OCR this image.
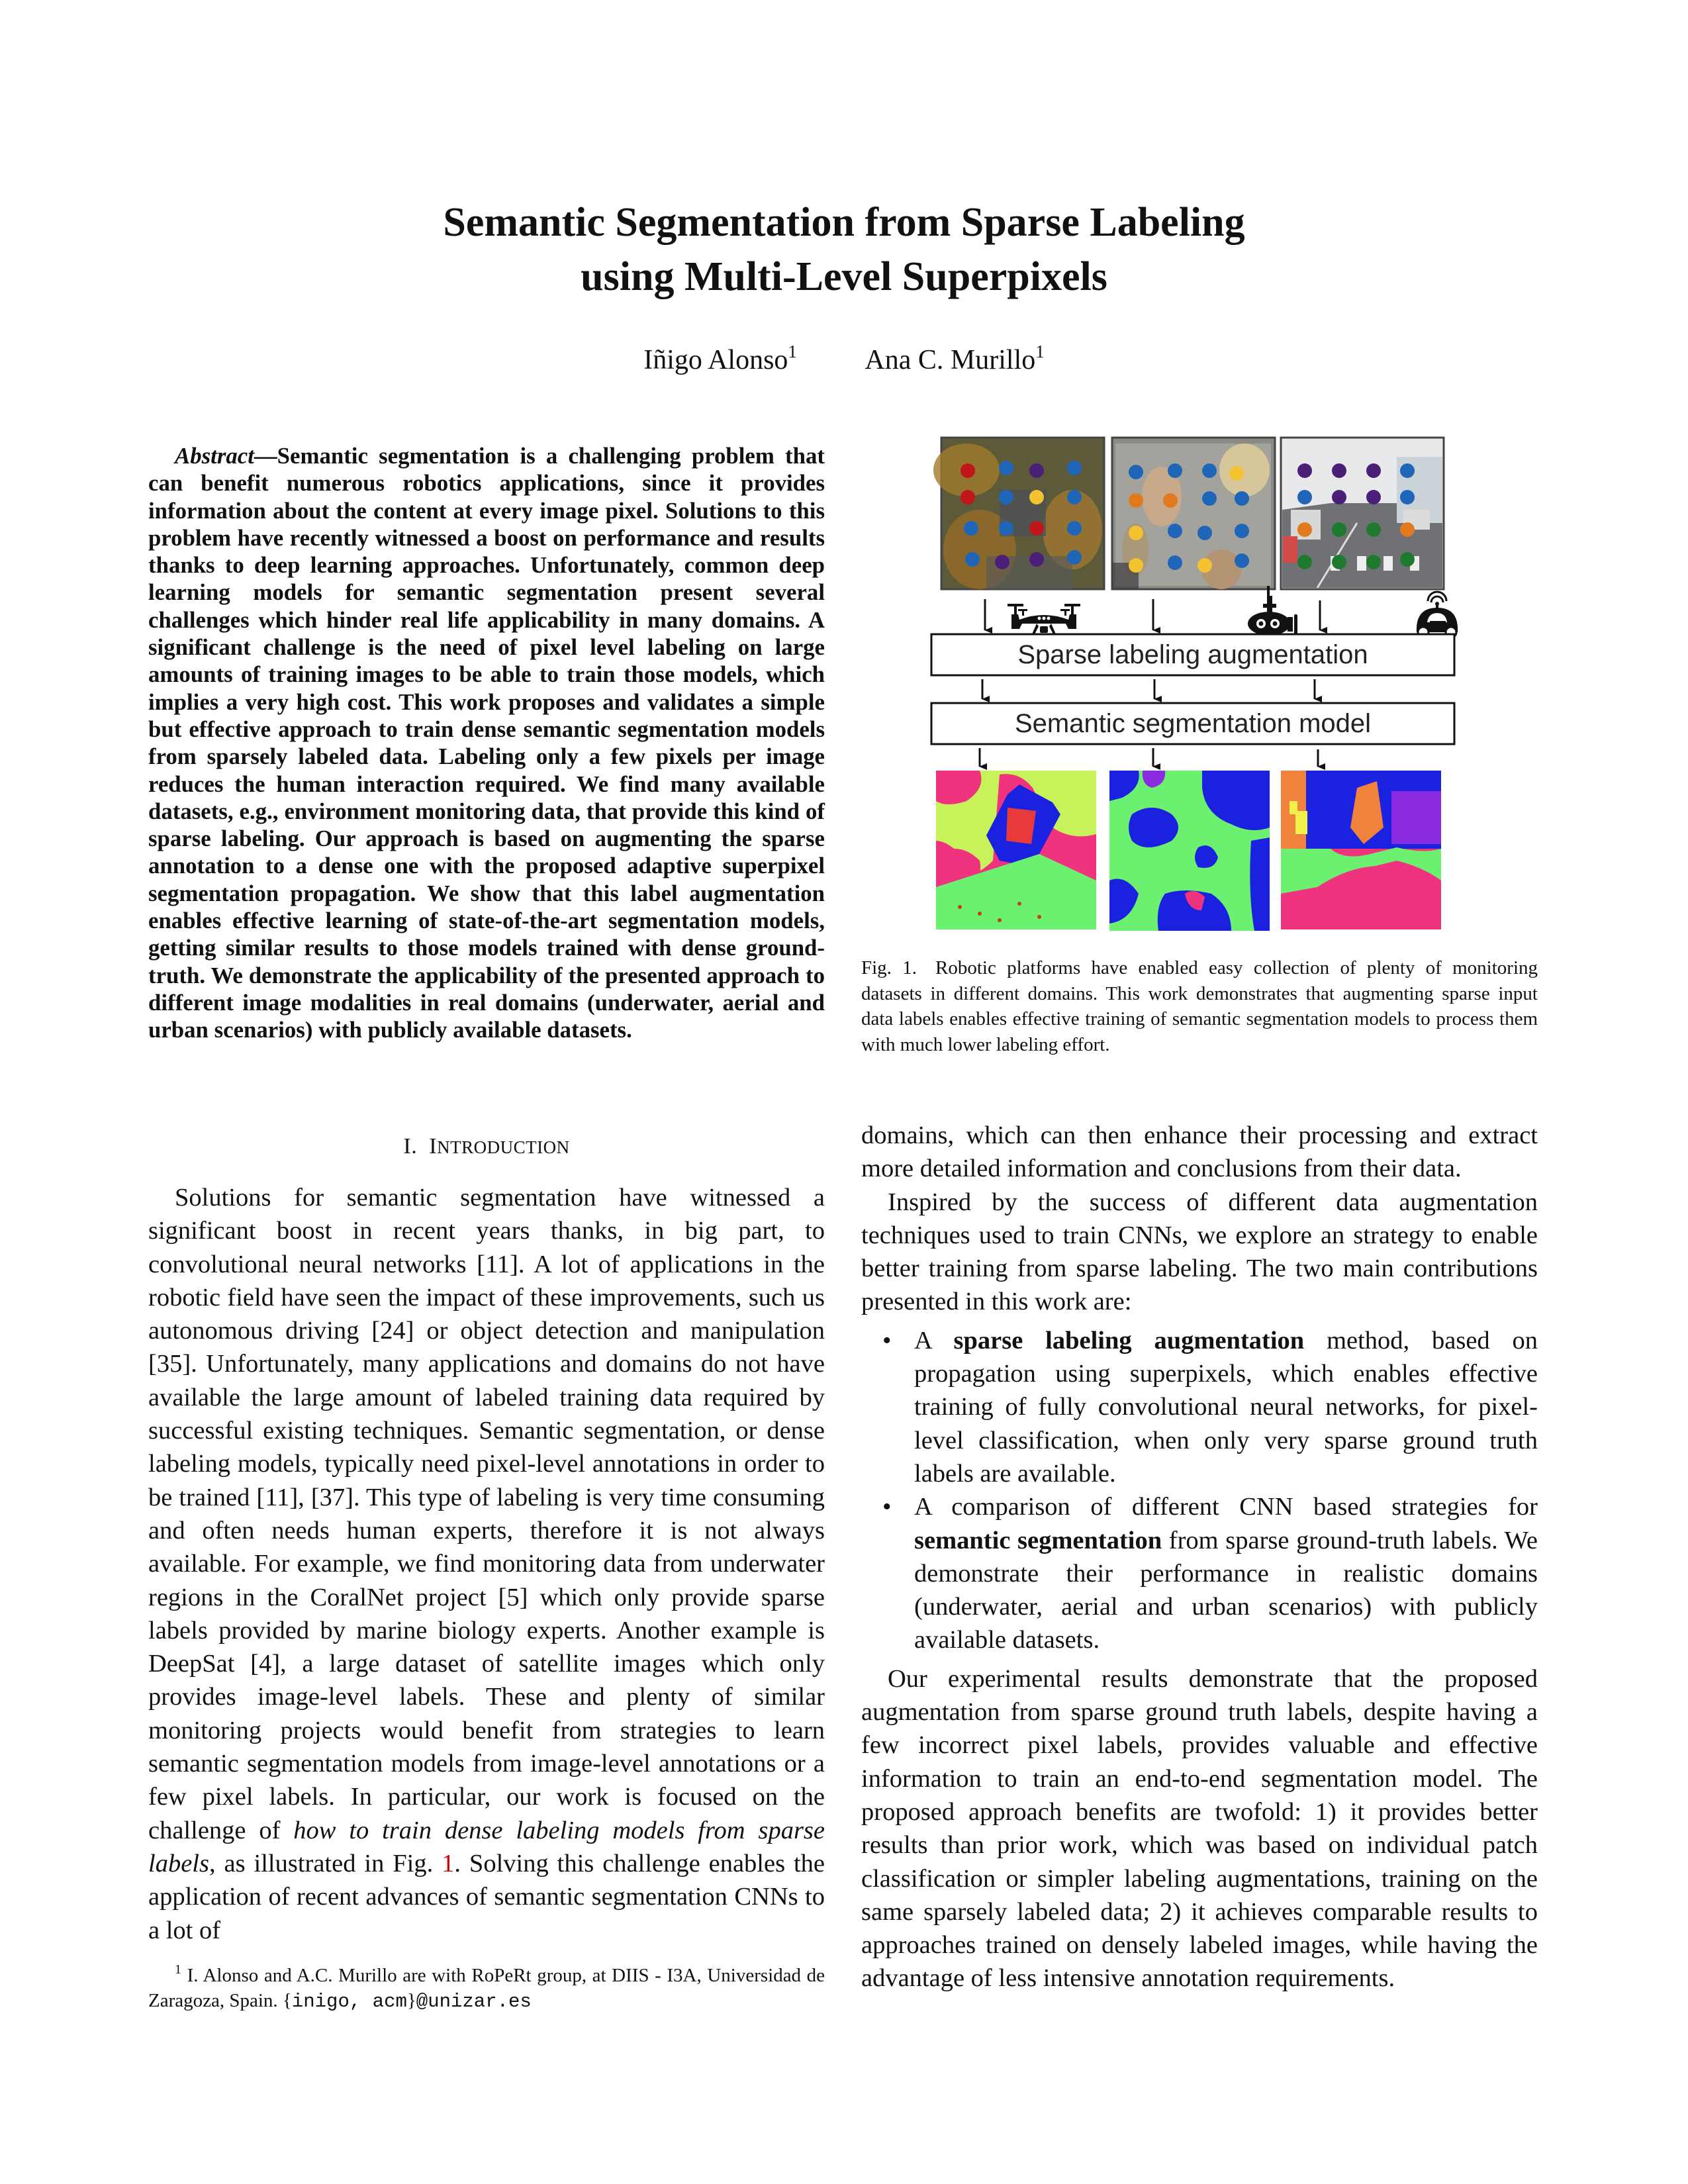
Semantic Segmentation from Sparse Labeling
using Multi-Level Superpixels
Iñigo Alonso$^1$ Ana C. Murillo$^1$

Abstract—Semantic segmentation is a challenging problem that can benefit numerous robotics applications, since it provides information about the content at every image pixel. Solutions to this problem have recently witnessed a boost on performance and results thanks to deep learning approaches. Unfortunately, common deep learning models for semantic segmentation present several challenges which hinder real life applicability in many domains. A significant challenge is the need of pixel level labeling on large amounts of training images to be able to train those models, which implies a very high cost. This work proposes and validates a simple but effective approach to train dense semantic segmentation models from sparsely labeled data. Labeling only a few pixels per image reduces the human interaction required. We find many available datasets, e.g., environment monitoring data, that provide this kind of sparse labeling. Our approach is based on augmenting the sparse annotation to a dense one with the proposed adaptive superpixel segmentation propagation. We show that this label augmentation enables effective learning of state-of-the-art segmentation models, getting similar results to those models trained with dense ground-truth. We demonstrate the applicability of the presented approach to different image modalities in real domains (underwater, aerial and urban scenarios) with publicly available datasets.

I. INTRODUCTION

Solutions for semantic segmentation have witnessed a significant boost in recent years thanks, in big part, to convolutional neural networks [11]. A lot of applications in the robotic field have seen the impact of these improvements, such us autonomous driving [24] or object detection and manipulation [35]. Unfortunately, many applications and domains do not have available the large amount of labeled training data required by successful existing techniques. Semantic segmentation, or dense labeling models, typically need pixel-level annotations in order to be trained [11], [37]. This type of labeling is very time consuming and often needs human experts, therefore it is not always available. For example, we find monitoring data from underwater regions in the CoralNet project [5] which only provide sparse labels provided by marine biology experts. Another example is DeepSat [4], a large dataset of satellite images which only provides image-level labels. These and plenty of similar monitoring projects would benefit from strategies to learn semantic segmentation models from image-level annotations or a few pixel labels. In particular, our work is focused on the challenge of how to train dense labeling models from sparse labels, as illustrated in Fig. 1. Solving this challenge enables the application of recent advances of semantic segmentation CNNs to a lot of

$^1$ I. Alonso and A.C. Murillo are with RoPeRt group, at DIIS - I3A, Universidad de Zaragoza, Spain. {inigo, acm}@unizar.es

Sparse labeling augmentation
Semantic segmentation model

Fig. 1. Robotic platforms have enabled easy collection of plenty of monitoring datasets in different domains. This work demonstrates that augmenting sparse input data labels enables effective training of semantic segmentation models to process them with much lower labeling effort.

domains, which can then enhance their processing and extract more detailed information and conclusions from their data.

Inspired by the success of different data augmentation techniques used to train CNNs, we explore an strategy to enable better training from sparse labeling. The two main contributions presented in this work are:

• A sparse labeling augmentation method, based on propagation using superpixels, which enables effective training of fully convolutional neural networks, for pixel-level classification, when only very sparse ground truth labels are available.
• A comparison of different CNN based strategies for semantic segmentation from sparse ground-truth labels. We demonstrate their performance in realistic domains (underwater, aerial and urban scenarios) with publicly available datasets.

Our experimental results demonstrate that the proposed augmentation from sparse ground truth labels, despite having a few incorrect pixel labels, provides valuable and effective information to train an end-to-end segmentation model. The proposed approach benefits are twofold: 1) it provides better results than prior work, which was based on individual patch classification or simpler labeling augmentations, training on the same sparsely labeled data; 2) it achieves comparable results to approaches trained on densely labeled images, while having the advantage of less intensive annotation requirements.
